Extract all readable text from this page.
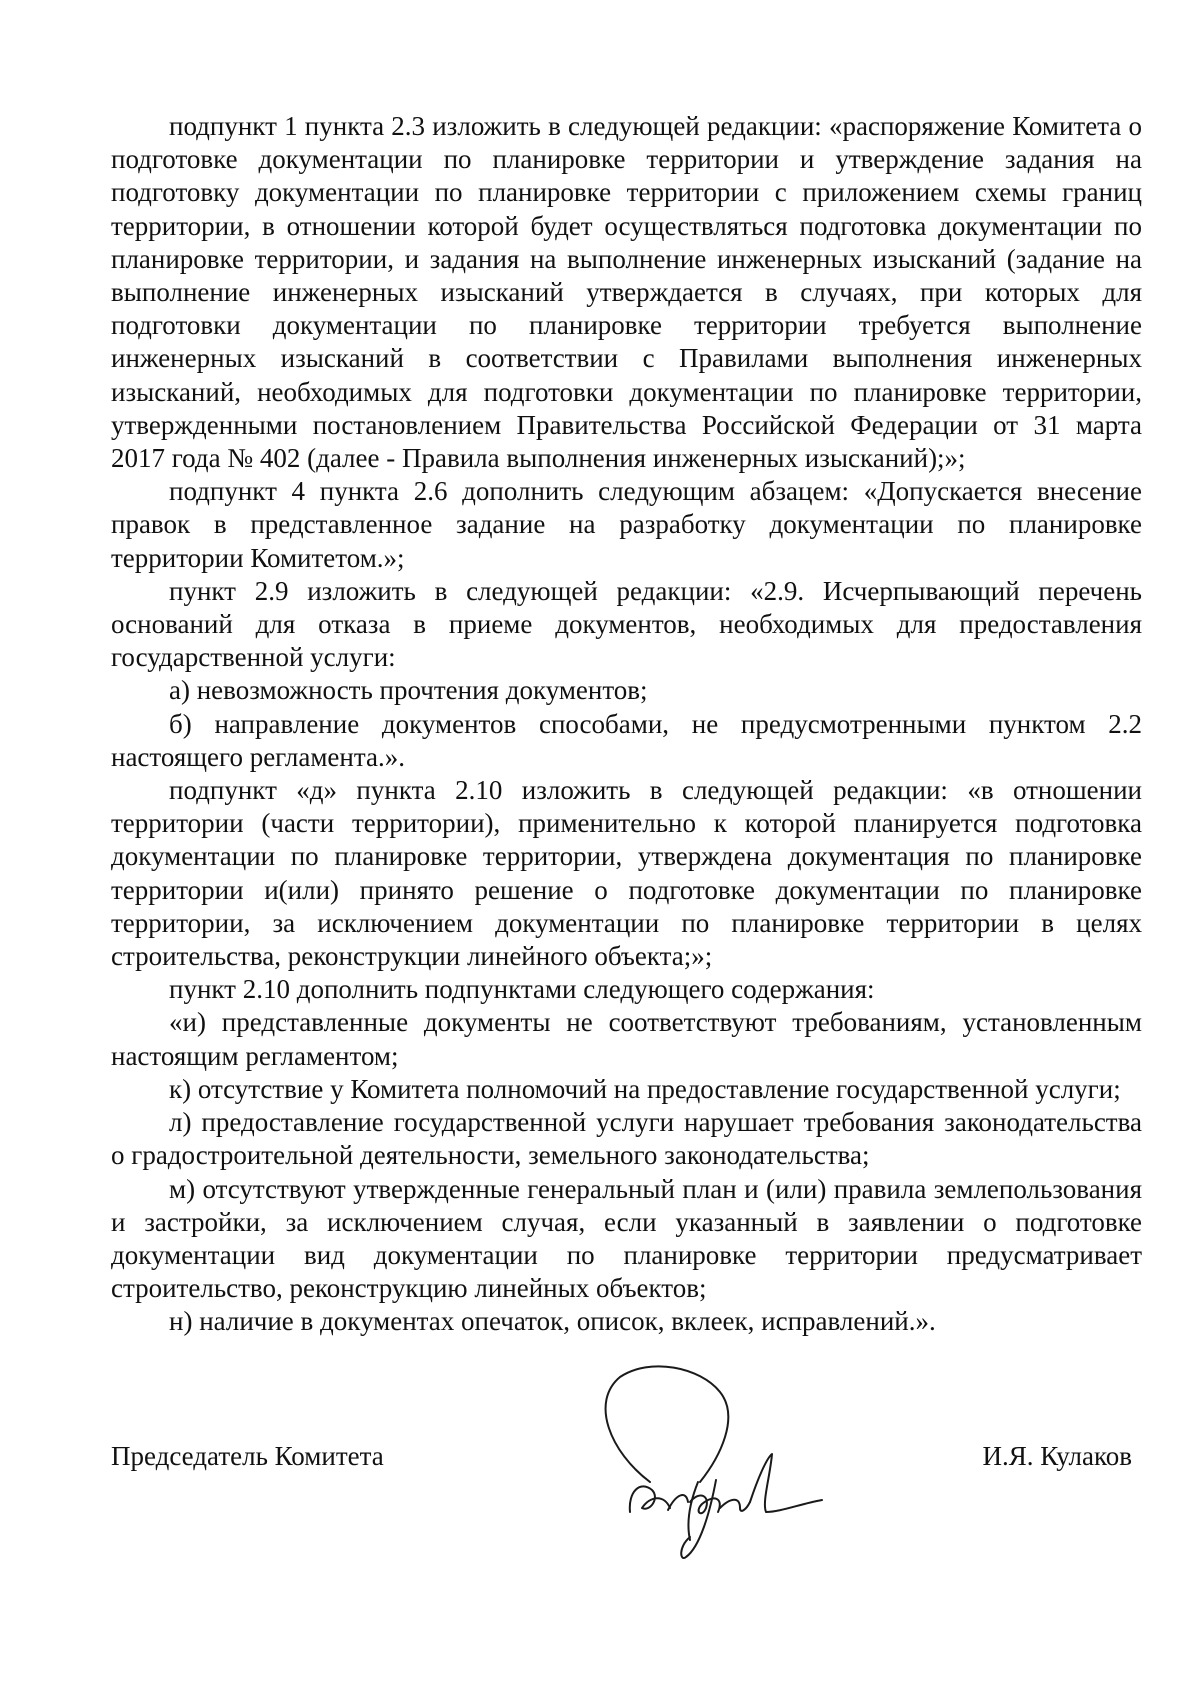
подпункт 1 пункта 2.3 изложить в следующей редакции: «распоряжение Комитета о подготовке документации по планировке территории и утверждение задания на подготовку документации по планировке территории с приложением схемы границ территории, в отношении которой будет осуществляться подготовка документации по планировке территории, и задания на выполнение инженерных изысканий (задание на выполнение инженерных изысканий утверждается в случаях, при которых для подготовки документации по планировке территории требуется выполнение инженерных изысканий в соответствии с Правилами выполнения инженерных изысканий, необходимых для подготовки документации по планировке территории, утвержденными постановлением Правительства Российской Федерации от 31 марта 2017 года № 402 (далее - Правила выполнения инженерных изысканий);»;

подпункт 4 пункта 2.6 дополнить следующим абзацем: «Допускается внесение правок в представленное задание на разработку документации по планировке территории Комитетом.»;

пункт 2.9 изложить в следующей редакции: «2.9. Исчерпывающий перечень оснований для отказа в приеме документов, необходимых для предоставления государственной услуги:

а) невозможность прочтения документов;

б) направление документов способами, не предусмотренными пунктом 2.2 настоящего регламента.».

подпункт «д» пункта 2.10 изложить в следующей редакции: «в отношении территории (части территории), применительно к которой планируется подготовка документации по планировке территории, утверждена документация по планировке территории и(или) принято решение о подготовке документации по планировке территории, за исключением документации по планировке территории в целях строительства, реконструкции линейного объекта;»;

пункт 2.10 дополнить подпунктами следующего содержания:

«и) представленные документы не соответствуют требованиям, установленным настоящим регламентом;

к) отсутствие у Комитета полномочий на предоставление государственной услуги;

л) предоставление государственной услуги нарушает требования законодательства о градостроительной деятельности, земельного законодательства;

м) отсутствуют утвержденные генеральный план и (или) правила землепользования и застройки, за исключением случая, если указанный в заявлении о подготовке документации вид документации по планировке территории предусматривает строительство, реконструкцию линейных объектов;

н) наличие в документах опечаток, описок, вклеек, исправлений.».

Председатель Комитета	И.Я. Кулаков
